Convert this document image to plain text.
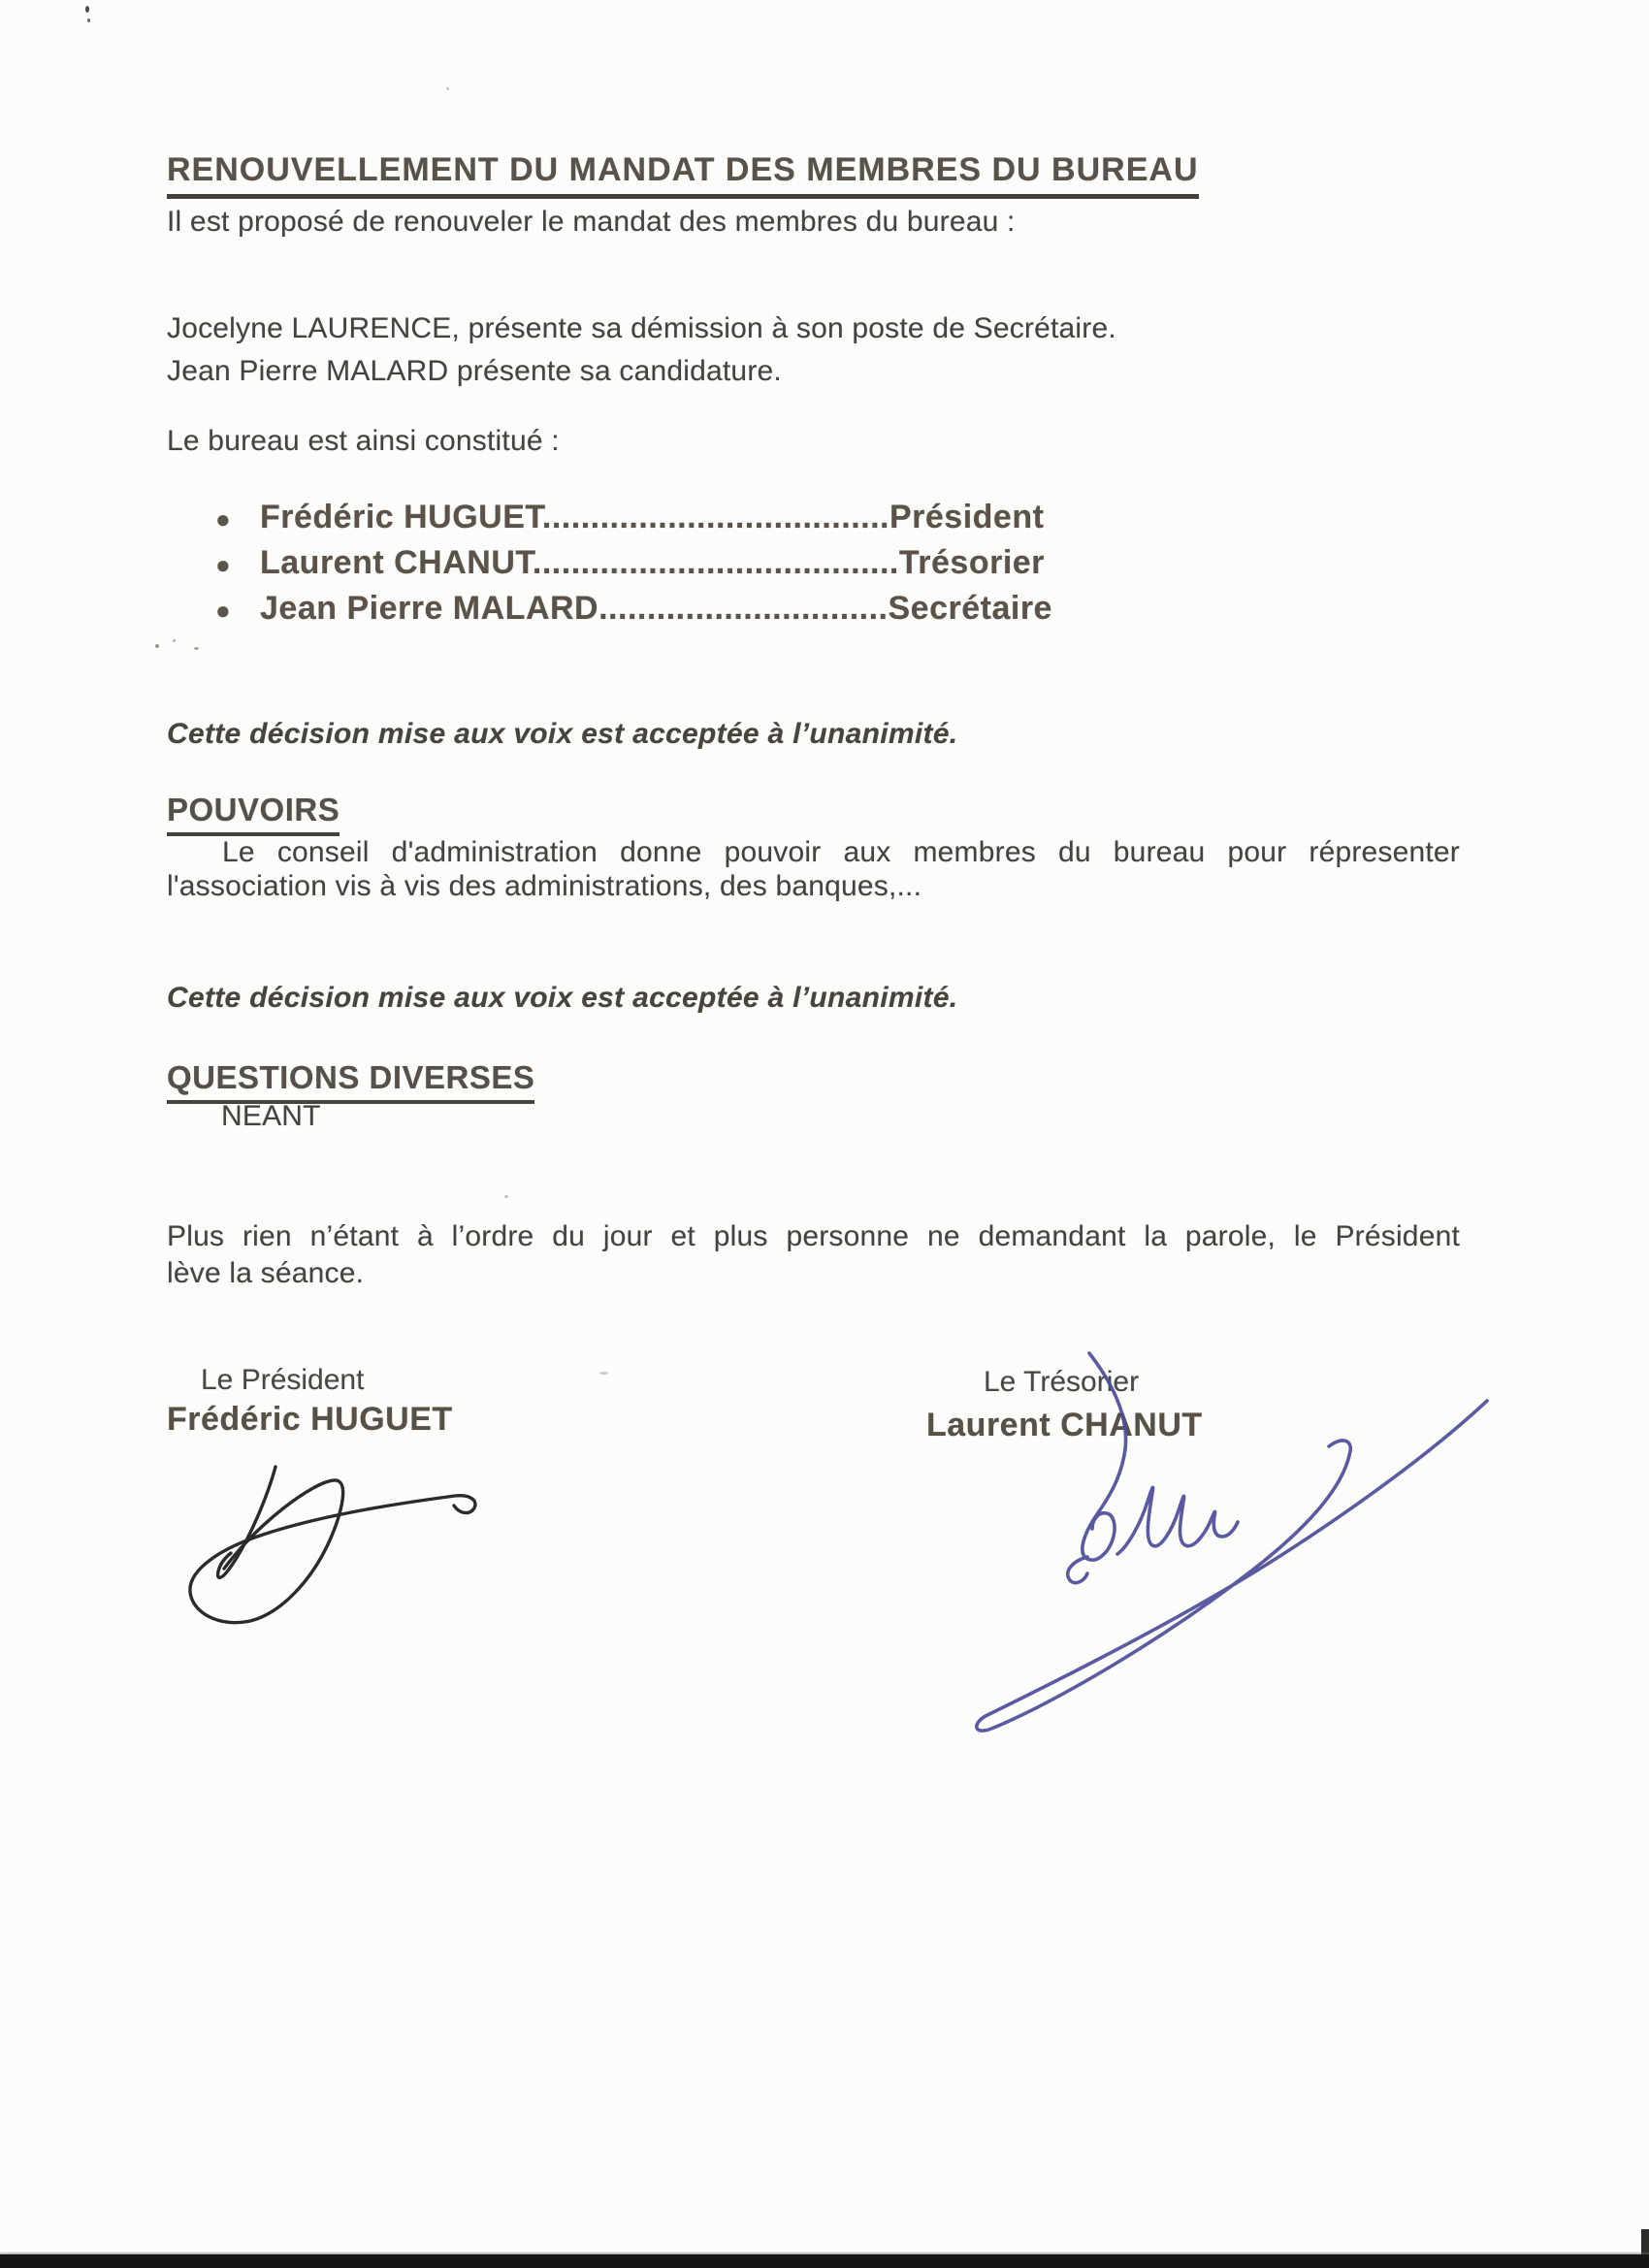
RENOUVELLEMENT DU MANDAT DES MEMBRES DU BUREAU
Il est proposé de renouveler le mandat des membres du bureau :
Jocelyne LAURENCE, présente sa démission à son poste de Secrétaire.
Jean Pierre MALARD présente sa candidature.
Le bureau est ainsi constitué :
● Frédéric HUGUET....................................Président
● Laurent CHANUT......................................Trésorier
● Jean Pierre MALARD..............................Secrétaire
Cette décision mise aux voix est acceptée à l’unanimité.
POUVOIRS
Le conseil d'administration donne pouvoir aux membres du bureau pour répresenter
l'association vis à vis des administrations, des banques,...
Cette décision mise aux voix est acceptée à l’unanimité.
QUESTIONS DIVERSES
NEANT
Plus rien n’étant à l’ordre du jour et plus personne ne demandant la parole, le Président
lève la séance.
Le Président
Frédéric HUGUET
Le Trésorier
Laurent CHANUT
